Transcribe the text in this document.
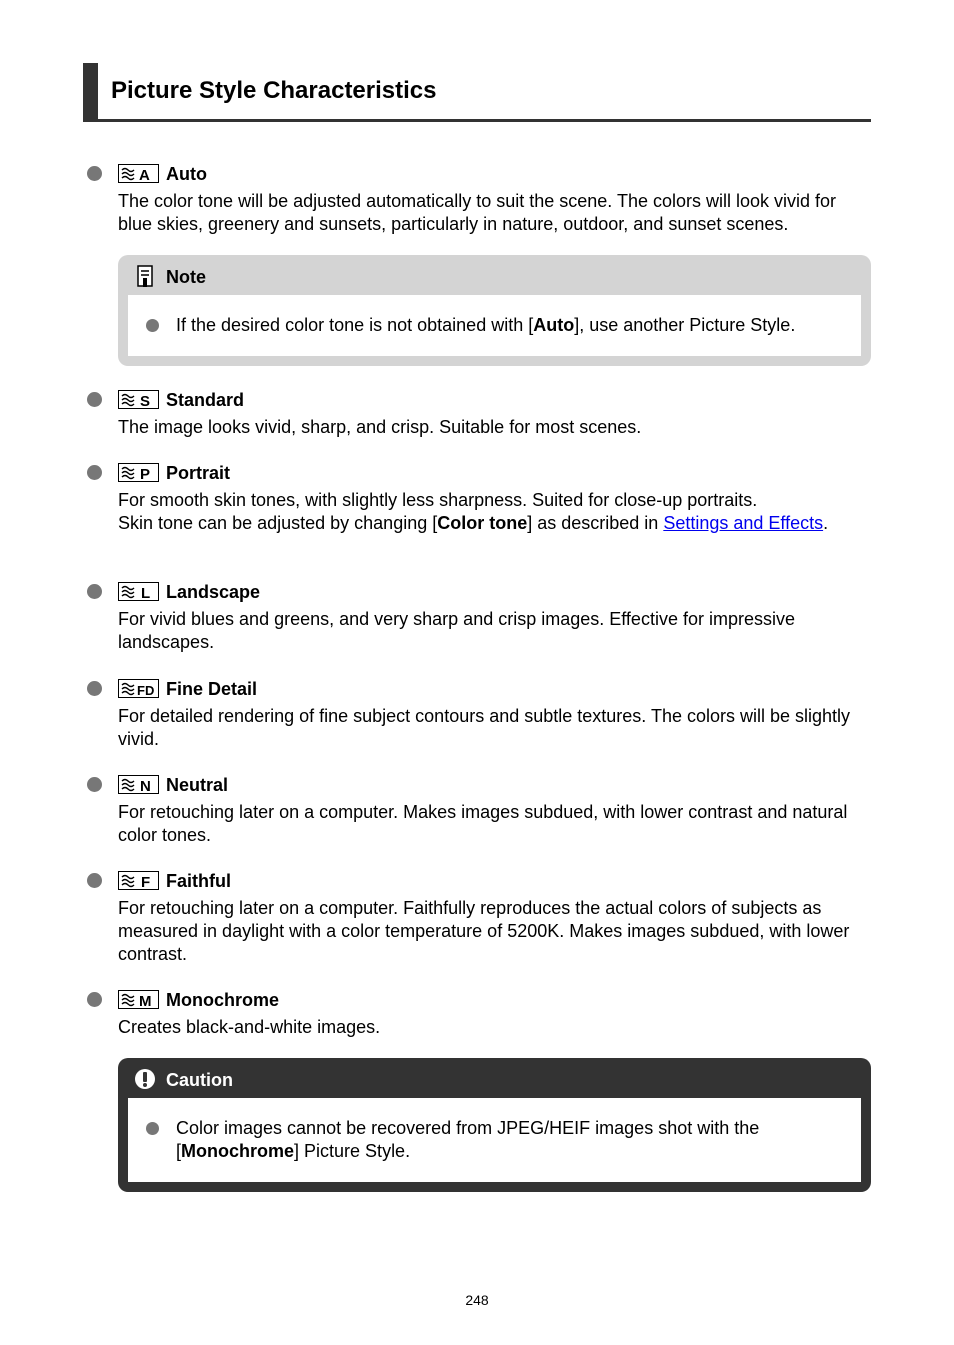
Picture Style Characteristics
A Auto
The color tone will be adjusted automatically to suit the scene. The colors will look vivid for blue skies, greenery and sunsets, particularly in nature, outdoor, and sunset scenes.
Note
If the desired color tone is not obtained with [Auto], use another Picture Style.
S Standard
The image looks vivid, sharp, and crisp. Suitable for most scenes.
P Portrait
For smooth skin tones, with slightly less sharpness. Suited for close-up portraits.
Skin tone can be adjusted by changing [Color tone] as described in Settings and Effects.
L Landscape
For vivid blues and greens, and very sharp and crisp images. Effective for impressive landscapes.
FD Fine Detail
For detailed rendering of fine subject contours and subtle textures. The colors will be slightly vivid.
N Neutral
For retouching later on a computer. Makes images subdued, with lower contrast and natural color tones.
F Faithful
For retouching later on a computer. Faithfully reproduces the actual colors of subjects as measured in daylight with a color temperature of 5200K. Makes images subdued, with lower contrast.
M Monochrome
Creates black-and-white images.
Caution
Color images cannot be recovered from JPEG/HEIF images shot with the [Monochrome] Picture Style.
248
